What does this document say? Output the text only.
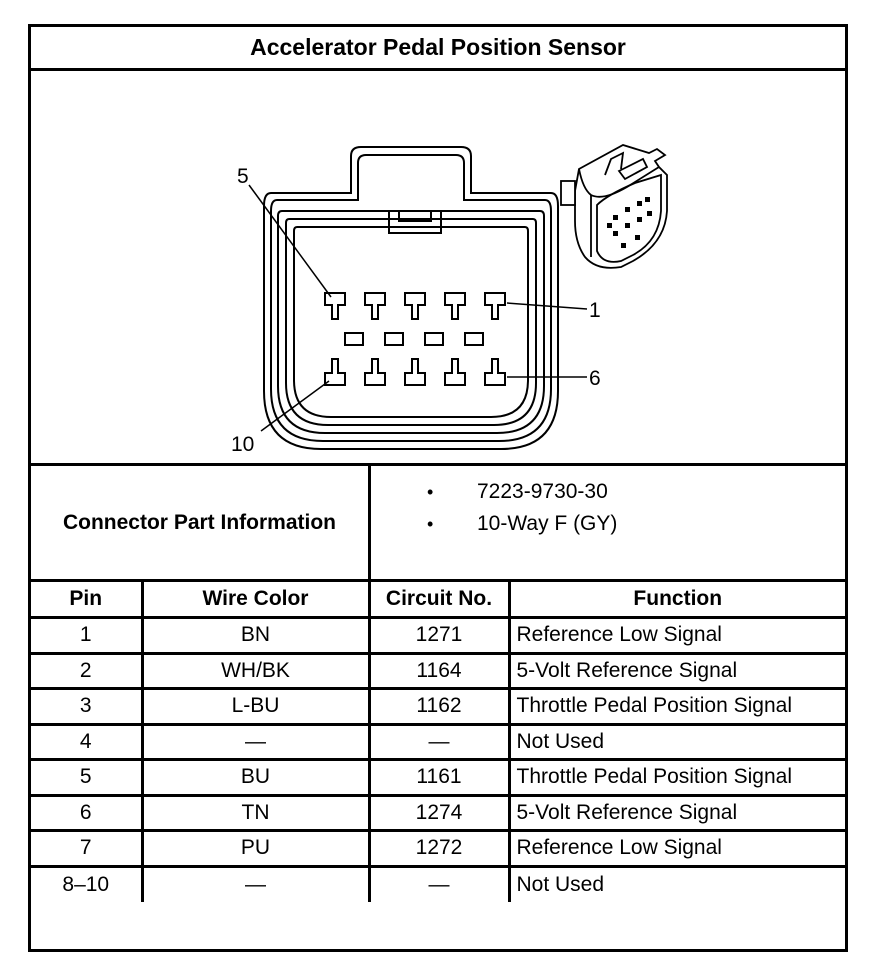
Accelerator Pedal Position Sensor
5
1
6
10
Connector Part Information
• 7223-9730-30
• 10-Way F (GY)
Pin	Wire Color	Circuit No.	Function
1	BN	1271	Reference Low Signal
2	WH/BK	1164	5-Volt Reference Signal
3	L-BU	1162	Throttle Pedal Position Signal
4	—	—	Not Used
5	BU	1161	Throttle Pedal Position Signal
6	TN	1274	5-Volt Reference Signal
7	PU	1272	Reference Low Signal
8–10	—	—	Not Used
